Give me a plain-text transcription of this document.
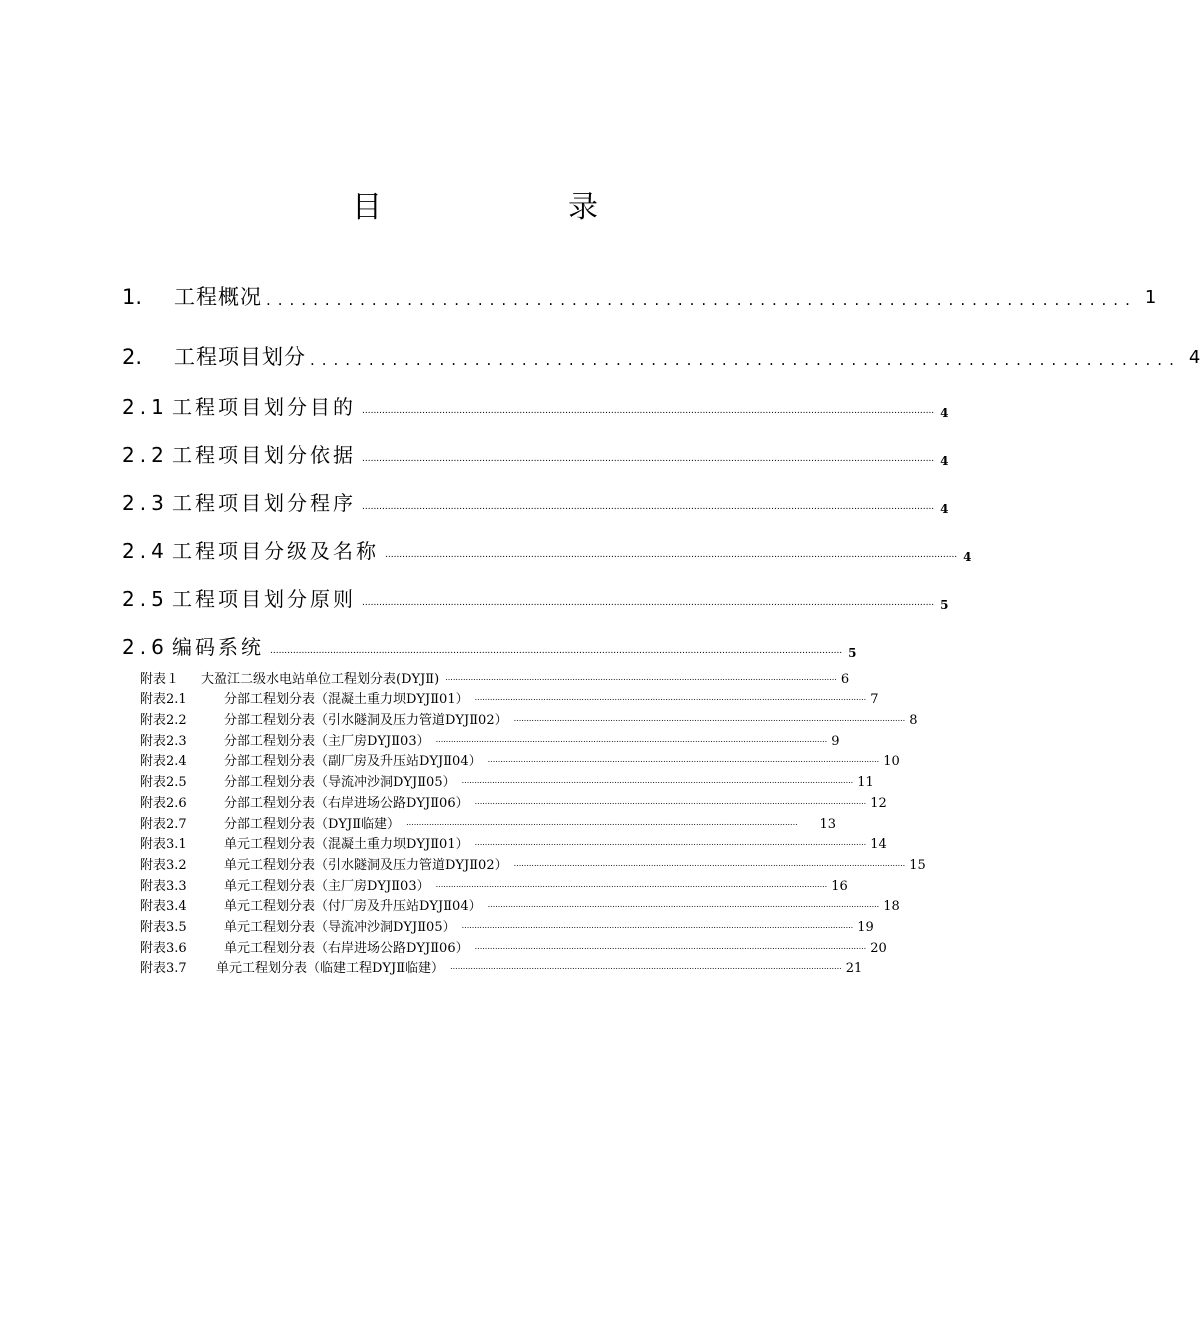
目　录
1.	工程概况 .......................................................................... 1
2.	工程项目划分 .......................................................................... 4
2.1 工程项目划分目的 ........................................................................................................................................................................................................ 4
2.2 工程项目划分依据 ........................................................................................................................................................................................................ 4
2.3 工程项目划分程序 ........................................................................................................................................................................................................ 4
2.4 工程项目分级及名称 ........................................................................................................................................................................................................ 4
2.5 工程项目划分原则 ........................................................................................................................................................................................................ 5
2.6 编码系统 ........................................................................................................................................................................................................ 5
附表１	大盈江二级水电站单位工程划分表(DYJⅡ) .......................................................................................................................................................... 6
附表2.1	分部工程划分表（混凝土重力坝DYJⅡ01） .......................................................................................................................................................... 7
附表2.2	分部工程划分表（引水隧洞及压力管道DYJⅡ02） .......................................................................................................................................................... 8
附表2.3	分部工程划分表（主厂房DYJⅡ03） .......................................................................................................................................................... 9
附表2.4	分部工程划分表（副厂房及升压站DYJⅡ04） .......................................................................................................................................................... 10
附表2.5	分部工程划分表（导流冲沙洞DYJⅡ05） .......................................................................................................................................................... 11
附表2.6	分部工程划分表（右岸进场公路DYJⅡ06） .......................................................................................................................................................... 12
附表2.7	分部工程划分表（DYJⅡ临建） ..........................................................................................................................................................	13
附表3.1	单元工程划分表（混凝土重力坝DYJⅡ01） .......................................................................................................................................................... 14
附表3.2	单元工程划分表（引水隧洞及压力管道DYJⅡ02） .......................................................................................................................................................... 15
附表3.3	单元工程划分表（主厂房DYJⅡ03） .......................................................................................................................................................... 16
附表3.4	单元工程划分表（付厂房及升压站DYJⅡ04） .......................................................................................................................................................... 18
附表3.5	单元工程划分表（导流冲沙洞DYJⅡ05） .......................................................................................................................................................... 19
附表3.6	单元工程划分表（右岸进场公路DYJⅡ06） .......................................................................................................................................................... 20
附表3.7	单元工程划分表（临建工程DYJⅡ临建） .......................................................................................................................................................... 21
